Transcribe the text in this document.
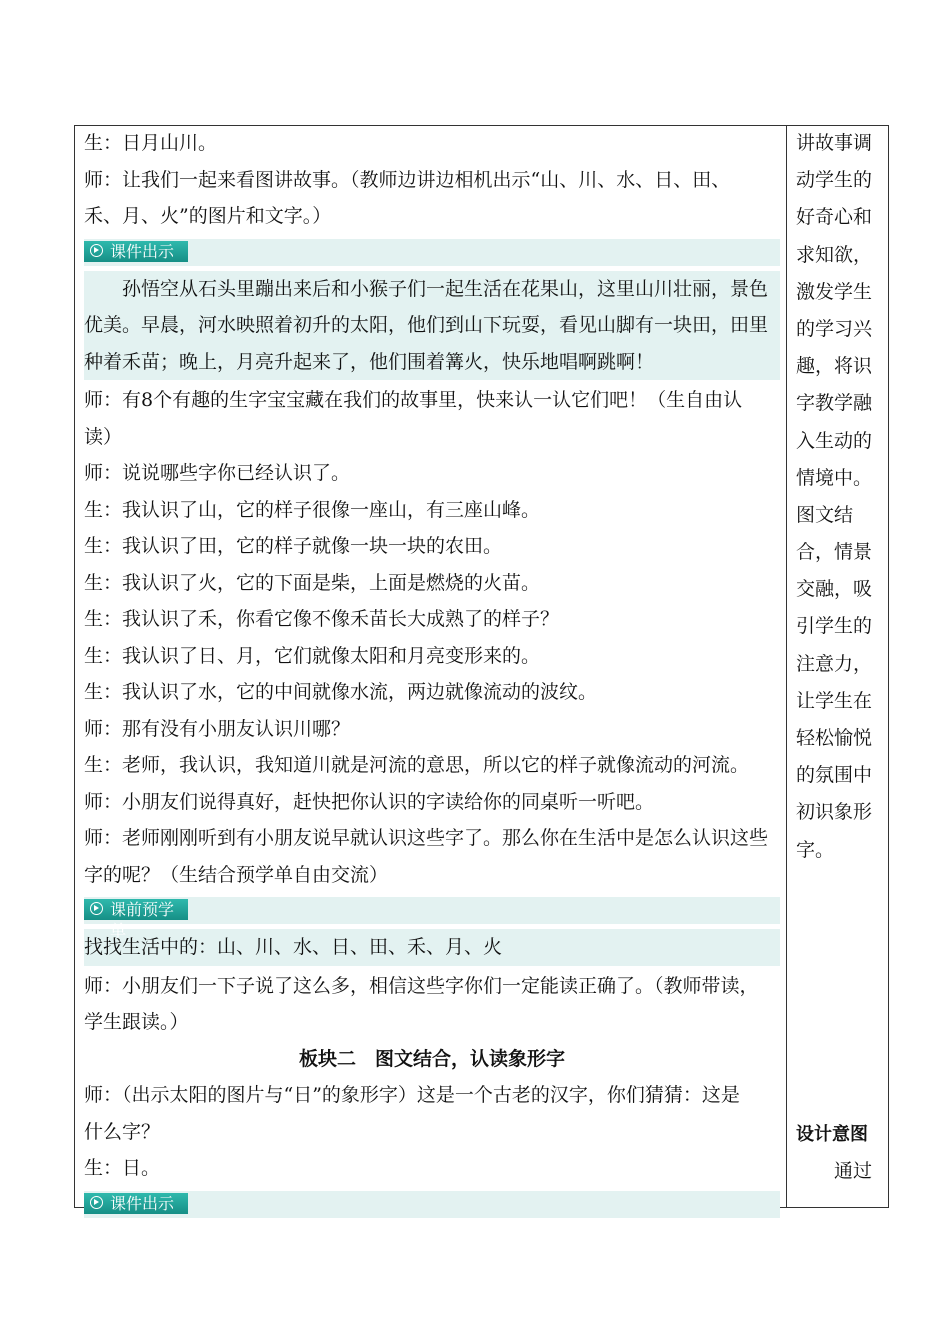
生：日月山川。
师：让我们一起来看图讲故事。（教师边讲边相机出示“山、川、水、日、田、
禾、月、火”的图片和文字。）
课件出示
孙悟空从石头里蹦出来后和小猴子们一起生活在花果山，这里山川壮丽，景色
优美。早晨，河水映照着初升的太阳，他们到山下玩耍，看见山脚有一块田，田里
种着禾苗；晚上，月亮升起来了，他们围着篝火，快乐地唱啊跳啊！
师：有8个有趣的生字宝宝藏在我们的故事里，快来认一认它们吧！（生自由认
读）
师：说说哪些字你已经认识了。
生：我认识了山，它的样子很像一座山，有三座山峰。
生：我认识了田，它的样子就像一块一块的农田。
生：我认识了火，它的下面是柴，上面是燃烧的火苗。
生：我认识了禾，你看它像不像禾苗长大成熟了的样子？
生：我认识了日、月，它们就像太阳和月亮变形来的。
生：我认识了水，它的中间就像水流，两边就像流动的波纹。
师：那有没有小朋友认识川哪？
生：老师，我认识，我知道川就是河流的意思，所以它的样子就像流动的河流。
师：小朋友们说得真好，赶快把你认识的字读给你的同桌听一听吧。
师：老师刚刚听到有小朋友说早就认识这些字了。那么你在生活中是怎么认识这些
字的呢？（生结合预学单自由交流）
课前预学单
找找生活中的：山、川、水、日、田、禾、月、火
师：小朋友们一下子说了这么多，相信这些字你们一定能读正确了。（教师带读，
学生跟读。）
板块二　图文结合，认读象形字
师：（出示太阳的图片与“日”的象形字）这是一个古老的汉字，你们猜猜：这是
什么字？
生：日。
课件出示
讲故事调
动学生的
好奇心和
求知欲，
激发学生
的学习兴
趣，将识
字教学融
入生动的
情境中。
图文结
合，情景
交融，吸
引学生的
注意力，
让学生在
轻松愉悦
的氛围中
初识象形
字。
设计意图
通过
